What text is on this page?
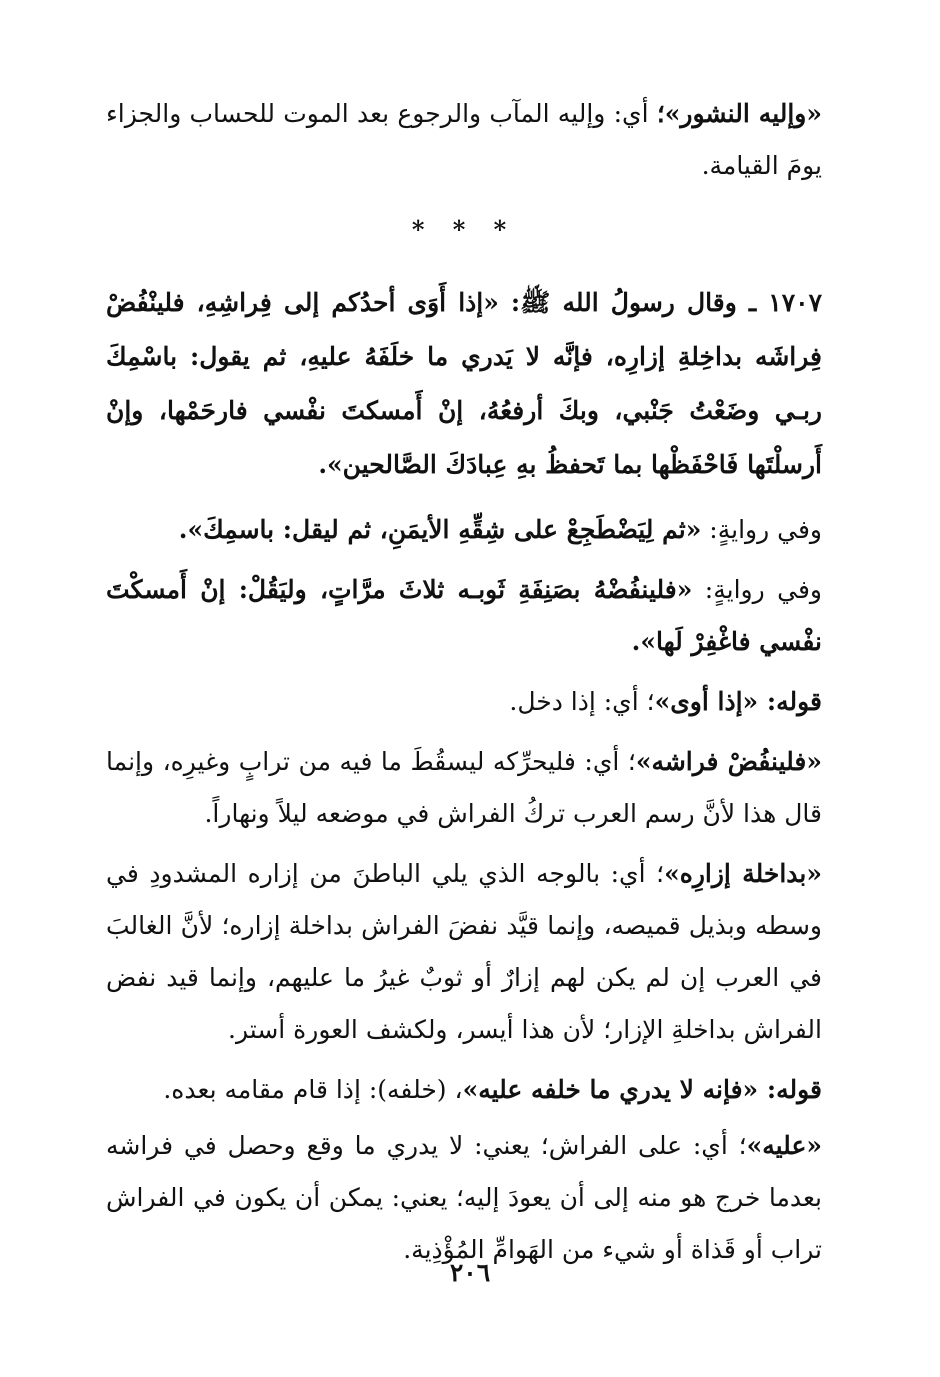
«وإليه النشور»؛ أي: وإليه المآب والرجوع بعد الموت للحساب والجزاء يومَ القيامة.

* * *

١٧٠٧ ـ وقال رسولُ الله ﷺ: «إذا أَوَى أحدُكم إلى فِراشِهِ، فلينْفُضْ فِراشَه بداخِلةِ إزارِه، فإنَّه لا يَدري ما خلَفَهُ عليهِ، ثم يقول: باسْمِكَ ربـي وضَعْتُ جَنْبي، وبكَ أرفعُهُ، إنْ أَمسكتَ نفْسي فارحَمْها، وإنْ أَرسلْتَها فَاحْفَظْها بما تَحفظُ بهِ عِبادَكَ الصَّالحين».

وفي روايةٍ: «ثم لِيَضْطَجِعْ على شِقِّهِ الأيمَنِ، ثم ليقل: باسمِكَ».

وفي روايةٍ: «فلينفُضْهُ بصَنِفَةِ ثَوبـه ثلاثَ مرَّاتٍ، وليَقُلْ: إنْ أَمسكْتَ نفْسي فاغْفِرْ لَها».

قوله: «إذا أوى»؛ أي: إذا دخل.

«فلينفُضْ فراشه»؛ أي: فليحرِّكه ليسقُطَ ما فيه من ترابٍ وغيرِه، وإنما قال هذا لأنَّ رسم العرب تركُ الفراش في موضعه ليلاً ونهاراً.

«بداخلة إزارِه»؛ أي: بالوجه الذي يلي الباطنَ من إزاره المشدودِ في وسطه وبذيل قميصه، وإنما قيَّد نفضَ الفراش بداخلة إزاره؛ لأنَّ الغالبَ في العرب إن لم يكن لهم إزارٌ أو ثوبٌ غيرُ ما عليهم، وإنما قيد نفض الفراش بداخلةِ الإزار؛ لأن هذا أيسر، ولكشف العورة أستر.

قوله: «فإنه لا يدري ما خلفه عليه»، (خلفه): إذا قام مقامه بعده.

«عليه»؛ أي: على الفراش؛ يعني: لا يدري ما وقع وحصل في فراشه بعدما خرج هو منه إلى أن يعودَ إليه؛ يعني: يمكن أن يكون في الفراش تراب أو قَذاة أو شيء من الهَوامِّ المُؤْذِية.

٢٠٦
